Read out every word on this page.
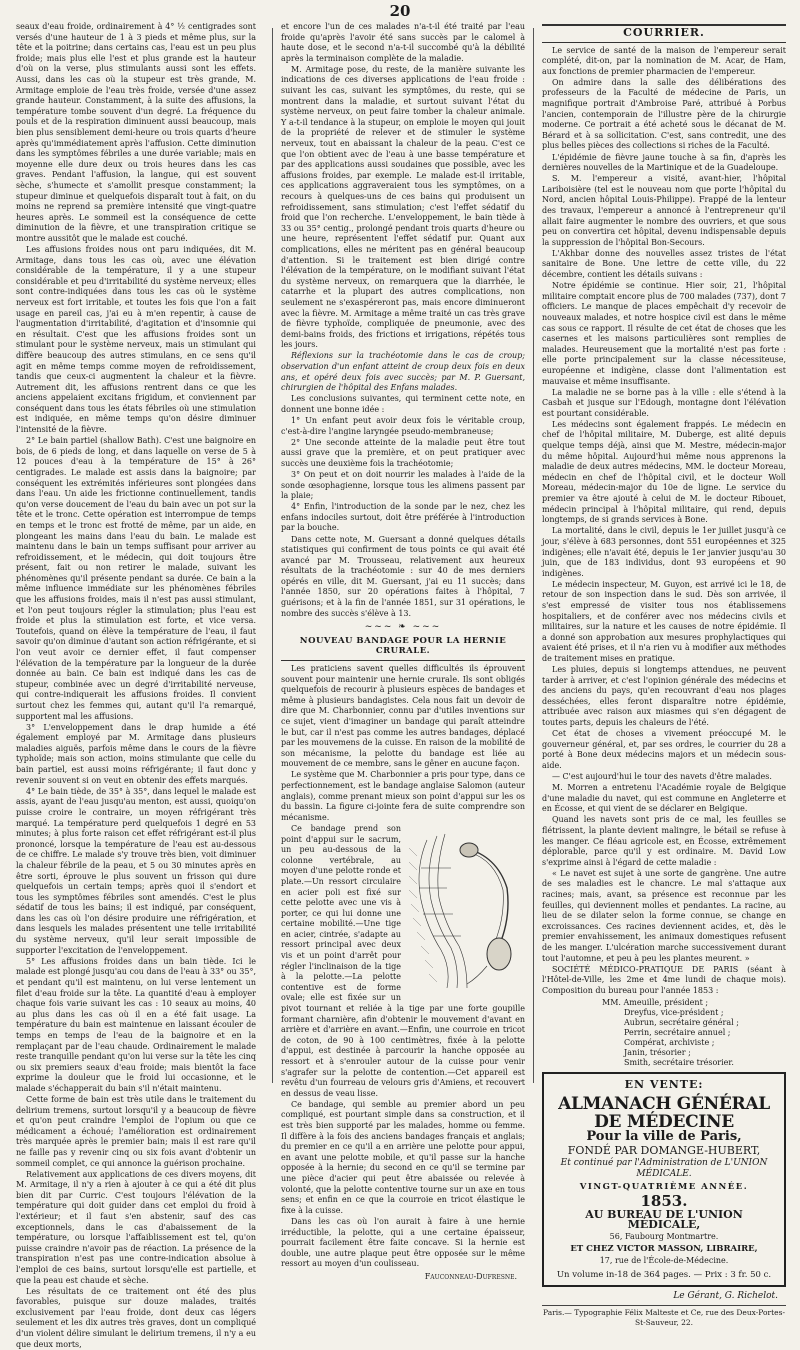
20

seaux d'eau froide, ordinairement à 4° ½ centigrades sont versés d'une hauteur de 1 à 3 pieds et même plus, sur la tête et la poitrine; dans certains cas, l'eau est un peu plus froide; mais plus elle l'est et plus grande est la hauteur d'où on la verse, plus stimulants aussi sont les effets. Aussi, dans les cas où la stupeur est très grande, M. Armitage emploie de l'eau très froide, versée d'une assez grande hauteur. Constamment, à la suite des affusions, la température tombe souvent d'un degré. La fréquence du pouls et de la respiration diminuent aussi beaucoup, mais bien plus sensiblement demi-heure ou trois quarts d'heure après qu'immédiatement après l'affusion. Cette diminution dans les symptômes fébriles a une durée variable; mais en moyenne elle dure deux ou trois heures dans les cas graves. Pendant l'affusion, la langue, qui est souvent sèche, s'humecte et s'amollit presque constamment; la stupeur diminue et quelquefois disparaît tout à fait, on du moins ne reprend sa première intensité que vingt-quatre heures après. Le sommeil est la conséquence de cette diminution de la fièvre, et une transpiration critique se montre aussitôt que le malade est couché.

Les affusions froides nous ont paru indiquées, dit M. Armitage, dans tous les cas où, avec une élévation considérable de la température, il y a une stupeur considérable et peu d'irritabilité du système nerveux; elles sont contre-indiquées dans tous les cas où le système nerveux est fort irritable, et toutes les fois que l'on a fait usage en pareil cas, j'ai eu à m'en repentir, à cause de l'augmentation d'irritabilité, d'agitation et d'insomnie qui en résultait. C'est que les affusions froides sont un stimulant pour le système nerveux, mais un stimulant qui diffère beaucoup des autres stimulans, en ce sens qu'il agit en même temps comme moyen de refroidissement, tandis que ceux-ci augmentent la chaleur et la fièvre. Autrement dit, les affusions rentrent dans ce que les anciens appelaient excitans frigidum, et conviennent par conséquent dans tous les états fébriles où une stimulation est indiquée, en même temps qu'on désire diminuer l'intensité de la fièvre.

2° Le bain partiel (shallow Bath). C'est une baignoire en bois, de 6 pieds de long, et dans laquelle on verse de 5 à 12 pouces d'eau à la température de 15° à 26° centigrades. Le malade est assis dans la baignoire; par conséquent les extrémités inférieures sont plongées dans dans l'eau. Un aide les frictionne continuellement, tandis qu'on verse doucement de l'eau du bain avec un pot sur la tête et le tronc. Cette opération est interrompue de temps en temps et le tronc est frotté de même, par un aide, en plongeant les mains dans l'eau du bain. Le malade est maintenu dans le bain un temps suffisant pour arriver au refroidissement, et le médecin, qui doit toujours être présent, fait ou non retirer le malade, suivant les phénomènes qu'il présente pendant sa durée. Ce bain a la même influence immédiate sur les phénomènes fébriles que les affusions froides, mais il n'est pas aussi stimulant, et l'on peut toujours régler la stimulation; plus l'eau est froide et plus la stimulation est forte, et vice versa. Toutefois, quand on élève la température de l'eau, il faut savoir qu'on diminue d'autant son action réfrigérante, et si l'on veut avoir ce dernier effet, il faut compenser l'élévation de la température par la longueur de la durée donnée au bain. Ce bain est indiqué dans les cas de stupeur, combinée avec un degré d'irritabilité nerveuse, qui contre-indiquerait les affusions froides. Il convient surtout chez les femmes qui, autant qu'il l'a remarqué, supportent mal les affusions.

3° L'enveloppement dans le drap humide a été également employé par M. Armitage dans plusieurs maladies aiguës, parfois même dans le cours de la fièvre typhoïde; mais son action, moins stimulante que celle du bain partiel, est aussi moins réfrigérante; il faut donc y revenir souvent si on veut en obtenir des effets marqués.

4° Le bain tiède, de 35° à 35°, dans lequel le malade est assis, ayant de l'eau jusqu'au menton, est aussi, quoiqu'on puisse croire le contraire, un moyen réfrigérant très marqué. La température perd quelquefois 1 degré en 53 minutes; à plus forte raison cet effet réfrigérant est-il plus prononcé, lorsque la température de l'eau est au-dessous de ce chiffre. Le malade s'y trouve très bien, voit diminuer la chaleur fébrile de la peau, et 5 ou 30 minutes après en être sorti, éprouve le plus souvent un frisson qui dure quelquefois un certain temps; après quoi il s'endort et tous les symptômes fébriles sont amendés. C'est le plus sédatif de tous les bains; il est indiqué, par conséquent, dans les cas où l'on désire produire une réfrigération, et dans lesquels les malades présentent une telle irritabilité du système nerveux, qu'il leur serait impossible de supporter l'excitation de l'enveloppement.

5° Les affusions froides dans un bain tiède. Ici le malade est plongé jusqu'au cou dans de l'eau à 33° ou 35°, et pendant qu'il est maintenu, on lui verse lentement un filet d'eau froide sur la tête. La quantité d'eau à employer chaque fois varie suivant les cas : 10 seaux au moins, 40 au plus dans les cas où il en a été fait usage. La température du bain est maintenue en laissant écouler de temps en temps de l'eau de la baignoire et en la remplaçant par de l'eau chaude. Ordinairement le malade reste tranquille pendant qu'on lui verse sur la tête les cinq ou six premiers seaux d'eau froide; mais bientôt la face exprime la douleur que le froid lui occasionne, et le malade s'échapperait du bain s'il n'était maintenu.

Cette forme de bain est très utile dans le traitement du delirium tremens, surtout lorsqu'il y a beaucoup de fièvre et qu'on peut craindre l'emploi de l'opium ou que ce médicament a échoué; l'amélioration est ordinairement très marquée après le premier bain; mais il est rare qu'il ne faille pas y revenir cinq ou six fois avant d'obtenir un sommeil complet, ce qui annonce la guérison prochaine.

Relativement aux applications de ces divers moyens, dit M. Armitage, il n'y a rien à ajouter à ce qui a été dit plus bien dit par Curric. C'est toujours l'élévation de la température qui doit guider dans cet emploi du froid à l'extérieur; et il faut s'en abstenir, sauf des cas exceptionnels, dans le cas d'abaissement de la température, ou lorsque l'affaiblissement est tel, qu'on puisse craindre n'avoir pas de réaction. La présence de la transpiration n'est pas une contre-indication absolue à l'emploi de ces bains, surtout lorsqu'elle est partielle, et que la peau est chaude et sèche.

Les résultats de ce traitement ont été des plus favorables, puisque sur douze malades, traités exclusivement par l'eau froide, dont deux cas légers seulement et les dix autres très graves, dont un compliqué d'un violent délire simulant le delirium tremens, il n'y a eu que deux morts,

et encore l'un de ces malades n'a-t-il été traité par l'eau froide qu'après l'avoir été sans succès par le calomel à haute dose, et le second n'a-t-il succombé qu'à la débilité après la terminaison complète de la maladie.

M. Armitage pose, du reste, de la manière suivante les indications de ces diverses applications de l'eau froide : suivant les cas, suivant les symptômes, du reste, qui se montrent dans la maladie, et surtout suivant l'état du système nerveux, on peut faire tomber la chaleur animale. Y a-t-il tendance à la stupeur, on emploie le moyen qui jouit de la propriété de relever et de stimuler le système nerveux, tout en abaissant la chaleur de la peau. C'est ce que l'on obtient avec de l'eau à une basse température et par des applications aussi soudaines que possible, avec les affusions froides, par exemple. Le malade est-il irritable, ces applications aggraveraient tous les symptômes, on a recours à quelques-uns de ces bains qui produisent un refroidissement, sans stimulation; c'est l'effet sédatif du froid que l'on recherche. L'enveloppement, le bain tiède à 33 ou 35° centig., prolongé pendant trois quarts d'heure ou une heure, représentent l'effet sédatif pur. Quant aux complications, elles ne méritent pas en général beaucoup d'attention. Si le traitement est bien dirigé contre l'élévation de la température, on le modifiant suivant l'état du système nerveux, on remarquera que la diarrhée, le catarrhe et la plupart des autres complications, non seulement ne s'exaspéreront pas, mais encore diminueront avec la fièvre. M. Armitage a même traité un cas très grave de fièvre typhoïde, compliquée de pneumonie, avec des demi-bains froids, des frictions et irrigations, répétés tous les jours.

Réflexions sur la trachéotomie dans le cas de croup; observation d'un enfant atteint de croup deux fois en deux ans, et opéré deux fois avec succès; par M. P. Guersant, chirurgien de l'hôpital des Enfans malades.

Les conclusions suivantes, qui terminent cette note, en donnent une bonne idée :

1° Un enfant peut avoir deux fois le véritable croup, c'est-à-dire l'angine laryngée pseudo-membraneuse;

2° Une seconde atteinte de la maladie peut être tout aussi grave que la première, et on peut pratiquer avec succès une deuxième fois la trachéotomie;

3° On peut et on doit nourrir les malades à l'aide de la sonde œsophagienne, lorsque tous les alimens passent par la plaie;

4° Enfin, l'introduction de la sonde par le nez, chez les enfans indociles surtout, doit être préférée à l'introduction par la bouche.

Dans cette note, M. Guersant a donné quelques détails statistiques qui confirment de tous points ce qui avait été avancé par M. Trousseau, relativement aux heureux résultats de la trachéotomie : sur 40 de mes derniers opérés en ville, dit M. Guersant, j'ai eu 11 succès; dans l'année 1850, sur 20 opérations faites à l'hôpital, 7 guérisons; et à la fin de l'année 1851, sur 31 opérations, le nombre des succès s'élève à 13.

~~~ ❧ ~~~
NOUVEAU BANDAGE POUR LA HERNIE CRURALE.

Les praticiens savent quelles difficultés ils éprouvent souvent pour maintenir une hernie crurale. Ils sont obligés quelquefois de recourir à plusieurs espèces de bandages et même à plusieurs bandagistes. Cela nous fait un devoir de dire que M. Charbonnier, connu par d'utiles inventions sur ce sujet, vient d'imaginer un bandage qui paraît atteindre le but, car il n'est pas comme les autres bandages, déplacé par les mouvemens de la cuisse. En raison de la mobilité de son mécanisme, la pelotte du bandage est liée au mouvement de ce membre, sans le gêner en aucune façon.

Le système que M. Charbonnier a pris pour type, dans ce perfectionnement, est le bandage anglaise Salomon (auteur anglais), comme prenant mieux son point d'appui sur les os du bassin. La figure ci-jointe fera de suite comprendre son mécanisme.

Ce bandage prend son point d'appui sur le sacrum, un peu au-dessous de la colonne vertébrale, au moyen d'une pelotte ronde et plate.—Un ressort circulaire en acier poli est fixé sur cette pelotte avec une vis à porter, ce qui lui donne une certaine mobilité.—Une tige en acier, cintrée, s'adapte au ressort principal avec deux vis et un point d'arrêt pour régler l'inclinaison de la tige à la pelotte.—La pelotte contentive est de forme ovale; elle est fixée sur un pivot tournant et reliée à la tige par une forte goupille formant charnière, afin d'obtenir le mouvement d'avant en arrière et d'arrière en avant.—Enfin, une courroie en tricot de coton, de 90 à 100 centimètres, fixée à la pelotte d'appui, est destinée à parcourir la hanche opposée au ressort et à s'enrouler autour de la cuisse pour venir s'agrafer sur la pelotte de contention.—Cet appareil est revêtu d'un fourreau de velours gris d'Amiens, et recouvert en dessus de veau lisse.

Ce bandage, qui semble au premier abord un peu compliqué, est pourtant simple dans sa construction, et il est très bien supporté par les malades, homme ou femme. Il diffère à la fois des anciens bandages français et anglais; du premier en ce qu'il a en arrière une pelotte pour appui, en avant une pelotte mobile, et qu'il passe sur la hanche opposée à la hernie; du second en ce qu'il se termine par une pièce d'acier qui peut être abaissée ou relevée à volonté, que la pelotte contentive tourne sur un axe en tous sens; et enfin en ce que la courroie en tricot élastique le fixe à la cuisse.

Dans les cas où l'on aurait à faire à une hernie irréductible, la pelotte, qui a une certaine épaisseur, pourrait facilement être faite concave. Si la hernie est double, une autre plaque peut être opposée sur le même ressort au moyen d'un coulisseau.

Fauconneau-Dufresne.
COURRIER.

Le service de santé de la maison de l'empereur serait complété, dit-on, par la nomination de M. Acar, de Ham, aux fonctions de premier pharmacien de l'empereur.

On admire dans la salle des délibérations des professeurs de la Faculté de médecine de Paris, un magnifique portrait d'Ambroise Paré, attribué à Porbus l'ancien, contemporain de l'illustre père de la chirurgie moderne. Ce portrait a été acheté sous le décanat de M. Bérard et à sa sollicitation. C'est, sans contredit, une des plus belles pièces des collections si riches de la Faculté.

L'épidémie de fièvre jaune touche à sa fin, d'après les dernières nouvelles de la Martinique et de la Guadeloupe.

S. M. l'empereur a visité, avant-hier, l'hôpital Lariboisière (tel est le nouveau nom que porte l'hôpital du Nord, ancien hôpital Louis-Philippe). Frappé de la lenteur des travaux, l'empereur a annoncé à l'entrepreneur qu'il allait faire augmenter le nombre des ouvriers, et que sous peu on convertira cet hôpital, devenu indispensable depuis la suppression de l'hôpital Bon-Secours.

L'Akhbar donne des nouvelles assez tristes de l'état sanitaire de Bone. Une lettre de cette ville, du 22 décembre, contient les détails suivans :

Notre épidémie se continue. Hier soir, 21, l'hôpital militaire comptait encore plus de 700 malades (737), dont 7 officiers. Le manque de places empêchait d'y recevoir de nouveaux malades, et notre hospice civil est dans le même cas sous ce rapport. Il résulte de cet état de choses que les casernes et les maisons particulières sont remplies de malades. Heureusement que la mortalité n'est pas forte : elle porte principalement sur la classe nécessiteuse, européenne et indigène, classe dont l'alimentation est mauvaise et même insuffisante.

La maladie ne se borne pas à la ville : elle s'étend à la Casbah et jusque sur l'Edough, montagne dont l'élévation est pourtant considérable.

Les médecins sont également frappés. Le médecin en chef de l'hôpital militaire, M. Duberge, est alité depuis quelque temps déjà, ainsi que M. Mestre, médecin-major du même hôpital. Aujourd'hui même nous apprenons la maladie de deux autres médecins, MM. le docteur Moreau, médecin en chef de l'hôpital civil, et le docteur Woll Moreau, médecin-major du 10e de ligne. Le service du premier va être ajouté à celui de M. le docteur Ribouet, médecin principal à l'hôpital militaire, qui rend, depuis longtemps, de si grands services à Bone.

La mortalité, dans le civil, depuis le 1er juillet jusqu'à ce jour, s'élève à 683 personnes, dont 551 européennes et 325 indigènes; elle n'avait été, depuis le 1er janvier jusqu'au 30 juin, que de 183 individus, dont 93 européens et 90 indigènes.

Le médecin inspecteur, M. Guyon, est arrivé ici le 18, de retour de son inspection dans le sud. Dès son arrivée, il s'est empressé de visiter tous nos établissemens hospitaliers, et de conférer avec nos médecins civils et militaires, sur la nature et les causes de notre épidémie. Il a donné son approbation aux mesures prophylactiques qui avaient été prises, et il n'a rien vu à modifier aux méthodes de traitement mises en pratique.

Les pluies, depuis si longtemps attendues, ne peuvent tarder à arriver, et c'est l'opinion générale des médecins et des anciens du pays, qu'en recouvrant d'eau nos plages desséchées, elles feront disparaître notre épidémie, attribuée avec raison aux miasmes qui s'en dégagent de toutes parts, depuis les chaleurs de l'été.

Cet état de choses a vivement préoccupé M. le gouverneur général, et, par ses ordres, le courrier du 28 a porté à Bone deux médecins majors et un médecin sous-aide.

— C'est aujourd'hui le tour des navets d'être malades.

M. Morren a entretenu l'Académie royale de Belgique d'une maladie du navet, qui est commune en Angleterre et en Écosse, et qui vient de se déclarer en Belgique.

Quand les navets sont pris de ce mal, les feuilles se flétrissent, la plante devient malingre, le bétail se refuse à les manger. Ce fléau agricole est, en Écosse, extrêmement déplorable, parce qu'il y est ordinaire. M. David Low s'exprime ainsi à l'égard de cette maladie :

« Le navet est sujet à une sorte de gangrène. Une autre de ses maladies est le chancre. Le mal s'attaque aux racines; mais, avant, sa présence est reconnue par les feuilles, qui deviennent molles et pendantes. La racine, au lieu de se dilater selon la forme connue, se change en excroissances. Ces racines deviennent acides, et, dès le premier envahissement, les animaux domestiques refusent de les manger. L'ulcération marche successivement durant tout l'automne, et peu à peu les plantes meurent. »

SOCIÉTÉ MÉDICO-PRATIQUE DE PARIS (séant à l'Hôtel-de-Ville, les 2me et 4me lundi de chaque mois). Composition du bureau pour l'année 1853 :

MM. Ameuille, président ;
Dreyfus, vice-président ;
Aubrun, secrétaire général ;
Perrin, secrétaire annuel ;
Compérat, archiviste ;
Janin, trésorier ;
Smith, secrétaire trésorier.
EN VENTE:
ALMANACH GÉNÉRAL DE MÉDECINE
Pour la ville de Paris,
FONDÉ PAR DOMANGE-HUBERT,
Et continué par l'Administration de L'UNION MÉDICALE.
VINGT-QUATRIÈME ANNÉE.
1853.
AU BUREAU DE L'UNION MÉDICALE,
56, Faubourg Montmartre.
ET CHEZ VICTOR MASSON, LIBRAIRE,
17, rue de l'École-de-Médecine.
Un volume in-18 de 364 pages. — Prix : 3 fr. 50 c.
Le Gérant, G. Richelot.
Paris.— Typographie Félix Malteste et Ce, rue des Deux-Portes-St-Sauveur, 22.
